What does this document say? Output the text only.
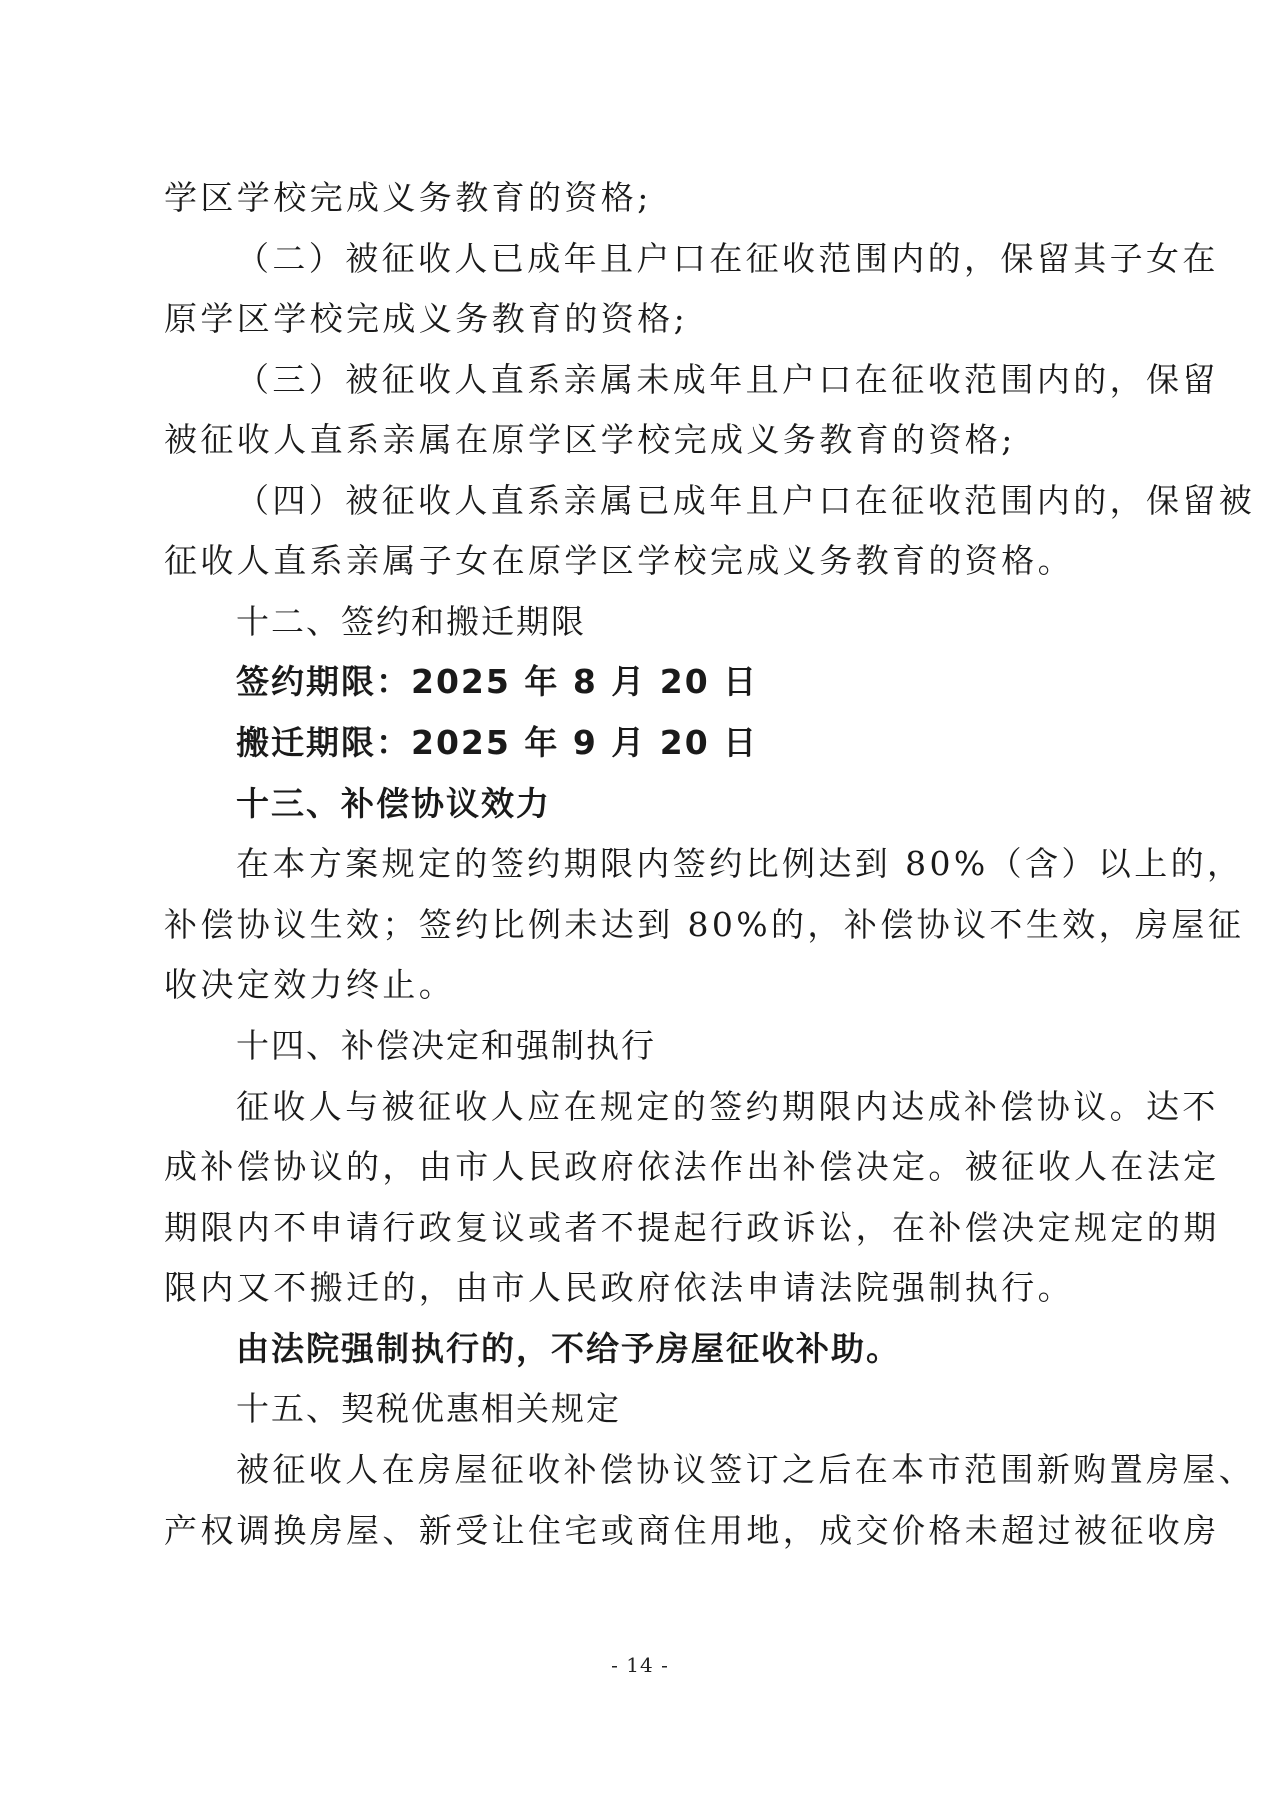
学区学校完成义务教育的资格;
（二）被征收人已成年且户口在征收范围内的，保留其子女在
原学区学校完成义务教育的资格;
（三）被征收人直系亲属未成年且户口在征收范围内的，保留
被征收人直系亲属在原学区学校完成义务教育的资格;
（四）被征收人直系亲属已成年且户口在征收范围内的，保留被
征收人直系亲属子女在原学区学校完成义务教育的资格。
十二、签约和搬迁期限
签约期限：2025 年 8 月 20 日
搬迁期限：2025 年 9 月 20 日
十三、补偿协议效力
在本方案规定的签约期限内签约比例达到 80%（含）以上的，
补偿协议生效；签约比例未达到 80%的，补偿协议不生效，房屋征
收决定效力终止。
十四、补偿决定和强制执行
征收人与被征收人应在规定的签约期限内达成补偿协议。达不
成补偿协议的，由市人民政府依法作出补偿决定。被征收人在法定
期限内不申请行政复议或者不提起行政诉讼，在补偿决定规定的期
限内又不搬迁的，由市人民政府依法申请法院强制执行。
由法院强制执行的，不给予房屋征收补助。
十五、契税优惠相关规定
被征收人在房屋征收补偿协议签订之后在本市范围新购置房屋、
产权调换房屋、新受让住宅或商住用地，成交价格未超过被征收房
- 14 -
